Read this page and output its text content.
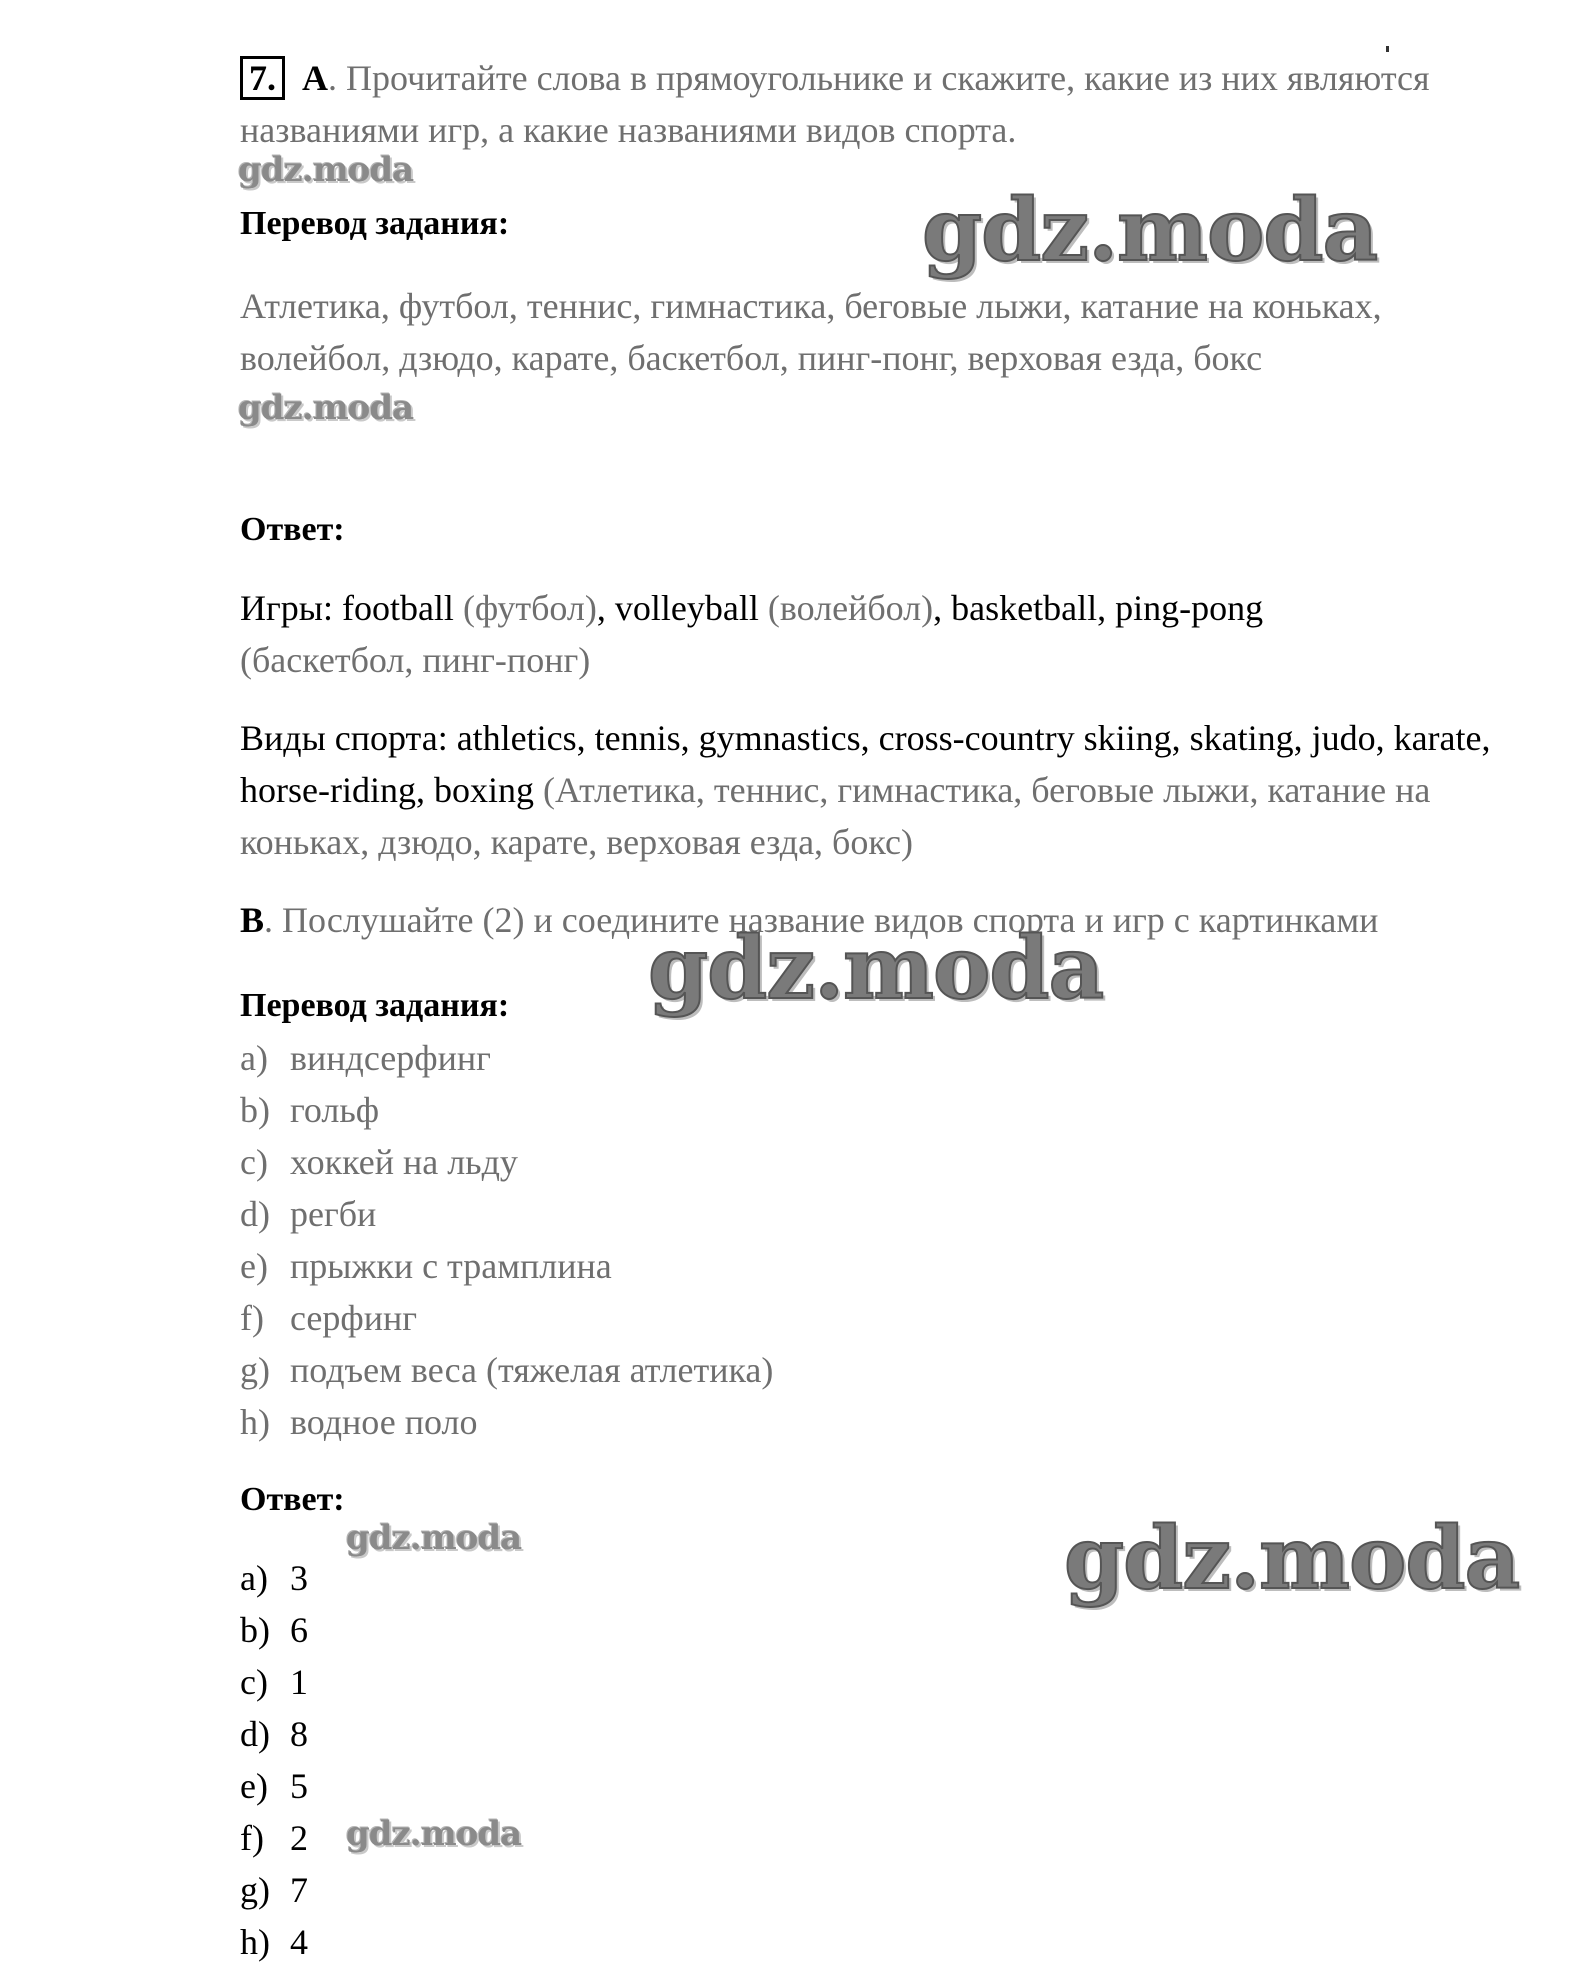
7. A. Прочитайте слова в прямоугольнике и скажите, какие из них являются названиями игр, а какие названиями видов спорта.

Перевод задания:

Атлетика, футбол, теннис, гимнастика, беговые лыжи, катание на коньках, волейбол, дзюдо, карате, баскетбол, пинг-понг, верховая езда, бокс

Ответ:

Игры: football (футбол), volleyball (волейбол), basketball, ping-pong
(баскетбол, пинг-понг)

Виды спорта: athletics, tennis, gymnastics, cross-country skiing, skating, judo, karate, horse-riding, boxing (Атлетика, теннис, гимнастика, беговые лыжи, катание на коньках, дзюдо, карате, верховая езда, бокс)

B. Послушайте (2) и соедините название видов спорта и игр с картинками

Перевод задания:

a) виндсерфинг
b) гольф
c) хоккей на льду
d) регби
e) прыжки с трамплина
f) серфинг
g) подъем веса (тяжелая атлетика)
h) водное поло

Ответ:

a) 3
b) 6
c) 1
d) 8
e) 5
f) 2
g) 7
h) 4
gdz.moda
gdz.moda
gdz.moda
gdz.moda
gdz.moda	gdz.moda
gdz.moda
